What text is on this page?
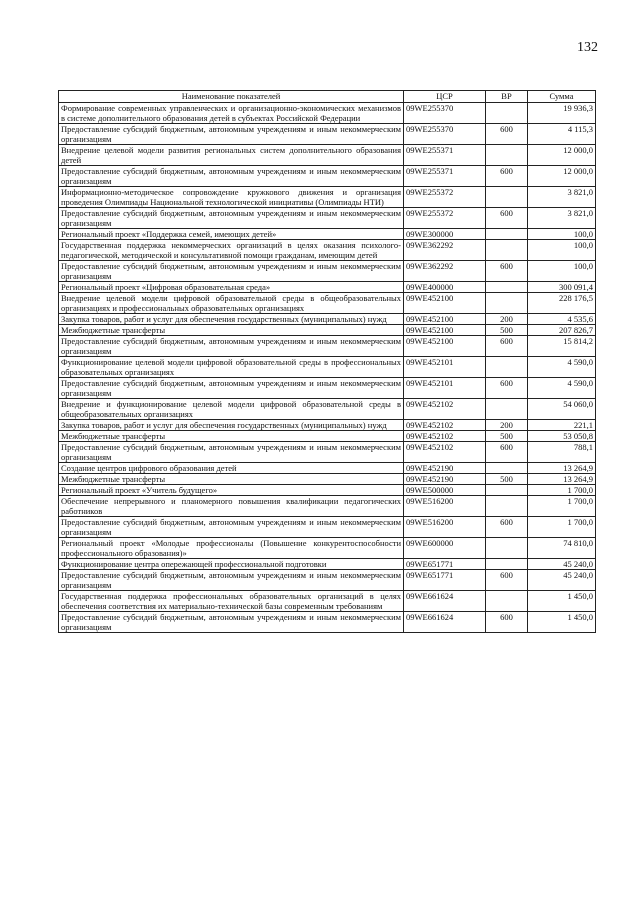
132
Наименование показателей	ЦСР	ВР	Сумма
Формирование современных управленческих и организационно-экономических механизмов в системе дополнительного образования детей в субъектах Российской Федерации	09WE255370		19 936,3
Предоставление субсидий бюджетным, автономным учреждениям и иным некоммерческим организациям	09WE255370	600	4 115,3
Внедрение целевой модели развития региональных систем дополнительного образования детей	09WE255371		12 000,0
Предоставление субсидий бюджетным, автономным учреждениям и иным некоммерческим организациям	09WE255371	600	12 000,0
Информационно-методическое сопровождение кружкового движения и организация проведения Олимпиады Национальной технологической инициативы (Олимпиады НТИ)	09WE255372		3 821,0
Предоставление субсидий бюджетным, автономным учреждениям и иным некоммерческим организациям	09WE255372	600	3 821,0
Региональный проект «Поддержка семей, имеющих детей»	09WE300000		100,0
Государственная поддержка некоммерческих организаций в целях оказания психолого-педагогической, методической и консультативной помощи гражданам, имеющим детей	09WE362292		100,0
Предоставление субсидий бюджетным, автономным учреждениям и иным некоммерческим организациям	09WE362292	600	100,0
Региональный проект «Цифровая образовательная среда»	09WE400000		300 091,4
Внедрение целевой модели цифровой образовательной среды в общеобразовательных организациях и профессиональных образовательных организациях	09WE452100		228 176,5
Закупка товаров, работ и услуг для обеспечения государственных (муниципальных) нужд	09WE452100	200	4 535,6
Межбюджетные трансферты	09WE452100	500	207 826,7
Предоставление субсидий бюджетным, автономным учреждениям и иным некоммерческим организациям	09WE452100	600	15 814,2
Функционирование целевой модели цифровой образовательной среды в профессиональных образовательных организациях	09WE452101		4 590,0
Предоставление субсидий бюджетным, автономным учреждениям и иным некоммерческим организациям	09WE452101	600	4 590,0
Внедрение и функционирование целевой модели цифровой образовательной среды в общеобразовательных организациях	09WE452102		54 060,0
Закупка товаров, работ и услуг для обеспечения государственных (муниципальных) нужд	09WE452102	200	221,1
Межбюджетные трансферты	09WE452102	500	53 050,8
Предоставление субсидий бюджетным, автономным учреждениям и иным некоммерческим организациям	09WE452102	600	788,1
Создание центров цифрового образования детей	09WE452190		13 264,9
Межбюджетные трансферты	09WE452190	500	13 264,9
Региональный проект «Учитель будущего»	09WE500000		1 700,0
Обеспечение непрерывного и планомерного повышения квалификации педагогических работников	09WE516200		1 700,0
Предоставление субсидий бюджетным, автономным учреждениям и иным некоммерческим организациям	09WE516200	600	1 700,0
Региональный проект «Молодые профессионалы (Повышение конкурентоспособности профессионального образования)»	09WE600000		74 810,0
Функционирование центра опережающей профессиональной подготовки	09WE651771		45 240,0
Предоставление субсидий бюджетным, автономным учреждениям и иным некоммерческим организациям	09WE651771	600	45 240,0
Государственная поддержка профессиональных образовательных организаций в целях обеспечения соответствия их материально-технической базы современным требованиям	09WE661624		1 450,0
Предоставление субсидий бюджетным, автономным учреждениям и иным некоммерческим организациям	09WE661624	600	1 450,0
